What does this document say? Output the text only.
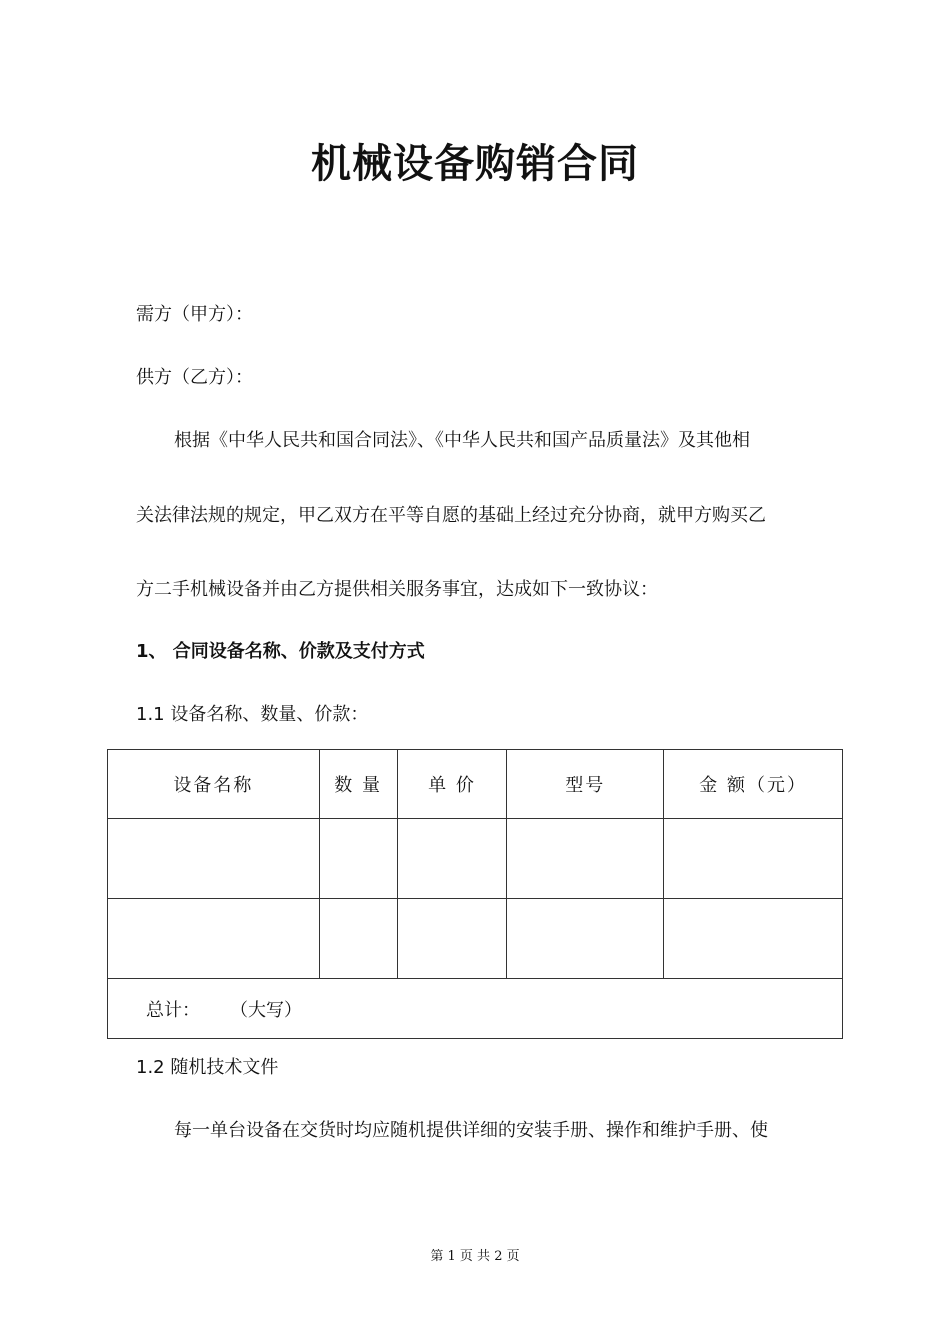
机械设备购销合同
需方（甲方）：
供方（乙方）：
根据《中华人民共和国合同法》、《中华人民共和国产品质量法》及其他相
关法律法规的规定，甲乙双方在平等自愿的基础上经过充分协商，就甲方购买乙
方二手机械设备并由乙方提供相关服务事宜，达成如下一致协议：
1、 合同设备名称、价款及支付方式
1.1 设备名称、数量、价款：
设备名称	数 量	单 价	型号	金 额（元）

总计： （大写）				
1.2 随机技术文件
每一单台设备在交货时均应随机提供详细的安装手册、操作和维护手册、使
第 1 页 共 2 页
